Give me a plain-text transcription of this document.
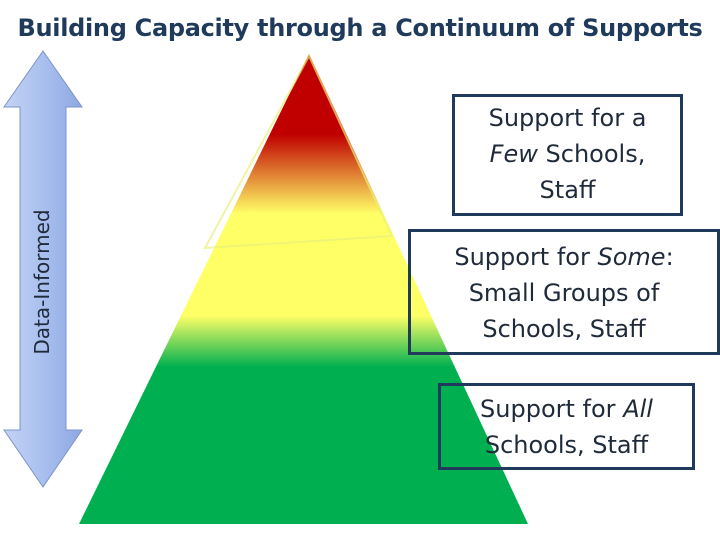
Building Capacity through a Continuum of Supports
Data-Informed
Support for a
Few Schools,
Staff
Support for Some:
Small Groups of
Schools, Staff
Support for All
Schools, Staff
